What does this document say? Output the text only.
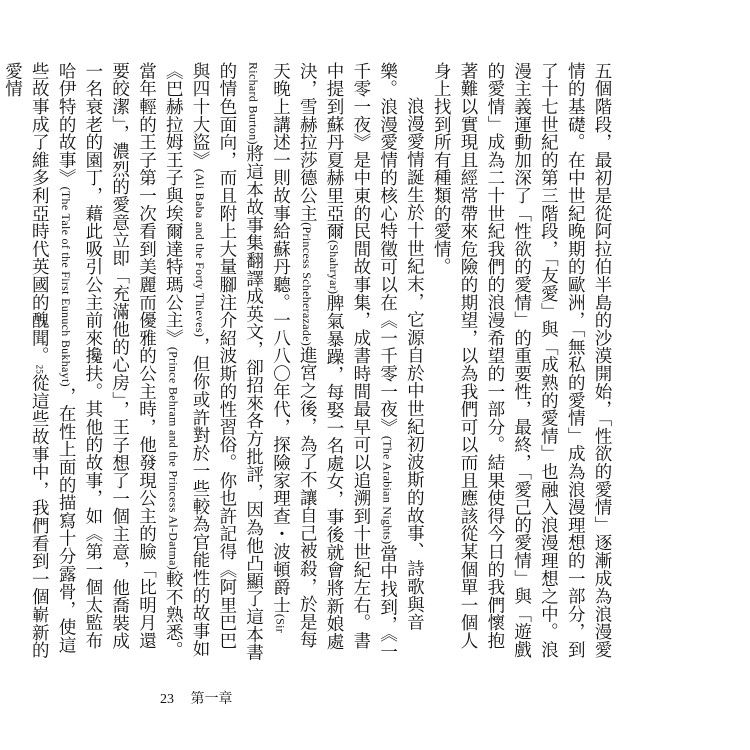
五個階段，最初是從阿拉伯半島的沙漠開始，「性欲的愛情」逐漸成為浪漫愛情的基礎。在中世紀晚期的歐洲，「無私的愛情」成為浪漫理想的一部分，到了十七世紀的第三階段，「友愛」與「成熟的愛情」也融入浪漫理想之中。浪漫主義運動加深了「性欲的愛情」的重要性，最終，「愛己的愛情」與「遊戲的愛情」成為二十世紀我們的浪漫希望的一部分。結果使得今日的我們懷抱著難以實現且經常帶來危險的期望，以為我們可以而且應該從某個單一個人身上找到所有種類的愛情。

浪漫愛情誕生於十世紀末，它源自於中世紀初波斯的故事、詩歌與音樂。浪漫愛情的核心特徵可以在《一千零一夜》(The Arabian Nights)當中找到，《一千零一夜》是中東的民間故事集，成書時間最早可以追溯到十世紀左右。書中提到蘇丹夏赫里亞爾(Shahryar)脾氣暴躁，每娶一名處女，事後就會將新娘處決，雪赫拉莎德公主(Princess Scheherazade)進宮之後，為了不讓自己被殺，於是每天晚上講述一則故事給蘇丹聽。一八八〇年代，探險家理查・波頓爵士(Sir Richard Burton)將這本故事集翻譯成英文，卻招來各方批評，因為他凸顯了這本書的情色面向，而且附上大量腳注介紹波斯的性習俗。你也許記得《阿里巴巴與四十大盜》(Ali Baba and the Forty Thieves)，但你或許對於一些較為官能性的故事如《巴赫拉姆王子與埃爾達特瑪公主》(Prince Behram and the Princess Al-Datma)較不熟悉。當年輕的王子第一次看到美麗而優雅的公主時，他發現公主的臉「比明月還要皎潔」，濃烈的愛意立即「充滿他的心房」，王子想了一個主意，他喬裝成一名衰老的園丁，藉此吸引公主前來攙扶。其他的故事，如《第一個太監布哈伊特的故事》(The Tale of the First Eunuch Bukhayt)，在性上面的描寫十分露骨，使這些故事成了維多利亞時代英國的醜聞。25從這些故事中，我們看到一個嶄新的愛情

23 第一章
